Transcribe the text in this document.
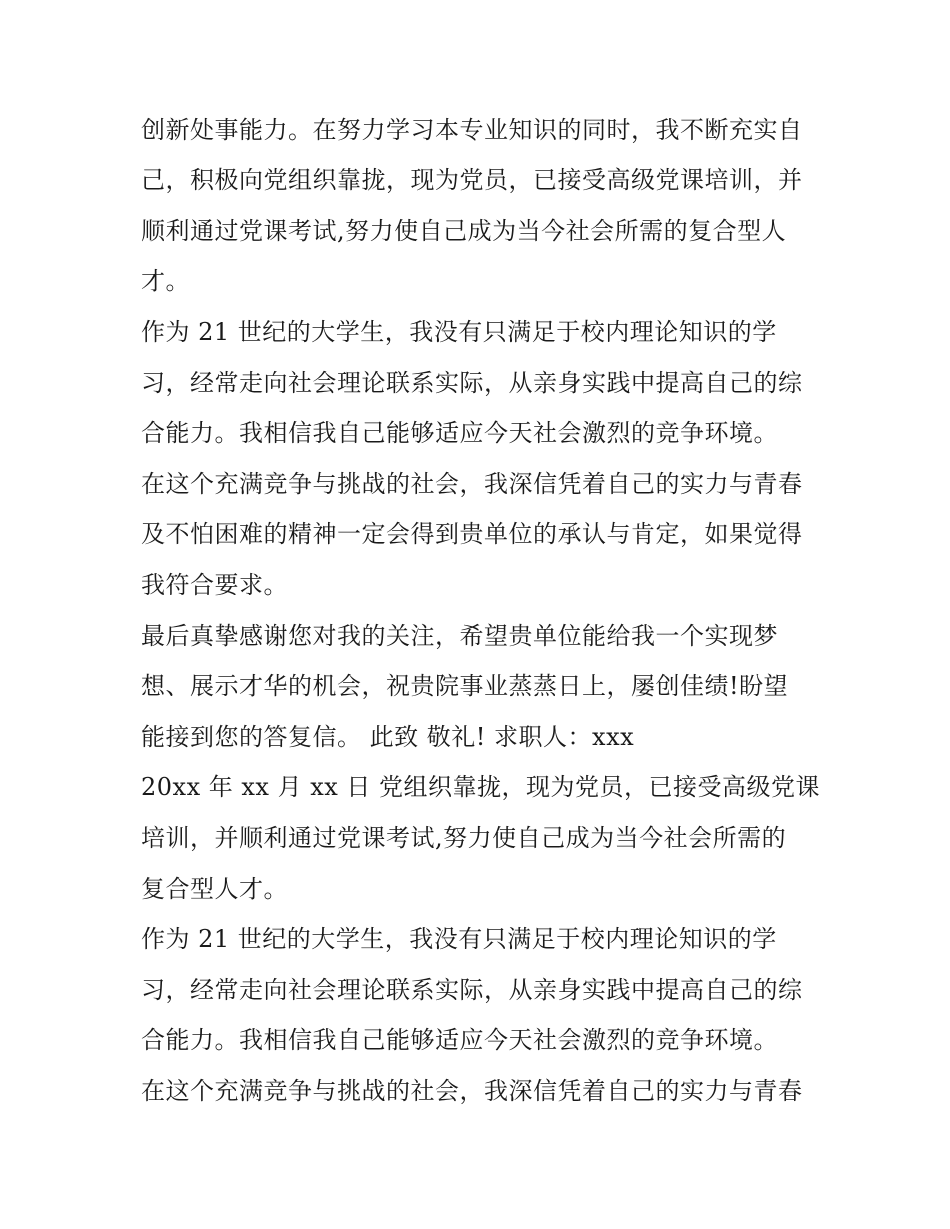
创新处事能力。在努力学习本专业知识的同时，我不断充实自
己，积极向党组织靠拢，现为党员，已接受高级党课培训，并
顺利通过党课考试,努力使自己成为当今社会所需的复合型人
才。
作为 21 世纪的大学生，我没有只满足于校内理论知识的学
习，经常走向社会理论联系实际，从亲身实践中提高自己的综
合能力。我相信我自己能够适应今天社会激烈的竞争环境。
在这个充满竞争与挑战的社会，我深信凭着自己的实力与青春
及不怕困难的精神一定会得到贵单位的承认与肯定，如果觉得
我符合要求。
最后真挚感谢您对我的关注，希望贵单位能给我一个实现梦
想、展示才华的机会，祝贵院事业蒸蒸日上，屡创佳绩!盼望
能接到您的答复信。 此致 敬礼! 求职人：xxx
20xx 年 xx 月 xx 日 党组织靠拢，现为党员，已接受高级党课
培训，并顺利通过党课考试,努力使自己成为当今社会所需的
复合型人才。
作为 21 世纪的大学生，我没有只满足于校内理论知识的学
习，经常走向社会理论联系实际，从亲身实践中提高自己的综
合能力。我相信我自己能够适应今天社会激烈的竞争环境。
在这个充满竞争与挑战的社会，我深信凭着自己的实力与青春
